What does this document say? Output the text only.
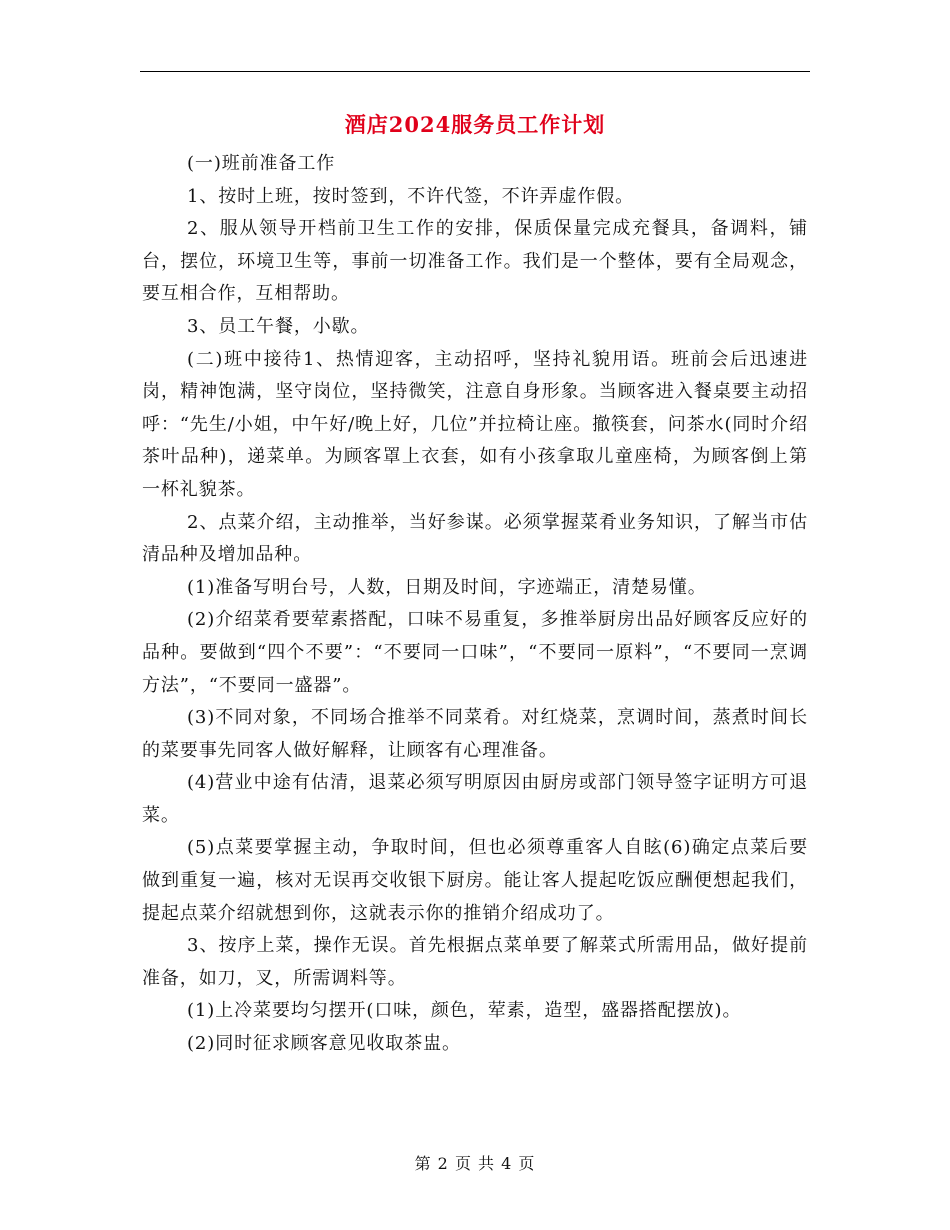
酒店2024服务员工作计划

(一)班前准备工作

1、按时上班，按时签到，不许代签，不许弄虚作假。

2、服从领导开档前卫生工作的安排，保质保量完成充餐具，备调料，铺台，摆位，环境卫生等，事前一切准备工作。我们是一个整体，要有全局观念，要互相合作，互相帮助。

3、员工午餐，小歇。

(二)班中接待1、热情迎客，主动招呼，坚持礼貌用语。班前会后迅速进岗，精神饱满，坚守岗位，坚持微笑，注意自身形象。当顾客进入餐桌要主动招呼：“先生/小姐，中午好/晚上好，几位”并拉椅让座。撤筷套，问茶水(同时介绍茶叶品种)，递菜单。为顾客罩上衣套，如有小孩拿取儿童座椅，为顾客倒上第一杯礼貌茶。

2、点菜介绍，主动推举，当好参谋。必须掌握菜肴业务知识，了解当市估清品种及增加品种。

(1)准备写明台号，人数，日期及时间，字迹端正，清楚易懂。

(2)介绍菜肴要荤素搭配，口味不易重复，多推举厨房出品好顾客反应好的品种。要做到“四个不要”：“不要同一口味”，“不要同一原料”，“不要同一烹调方法”，“不要同一盛器”。

(3)不同对象，不同场合推举不同菜肴。对红烧菜，烹调时间，蒸煮时间长的菜要事先同客人做好解释，让顾客有心理准备。

(4)营业中途有估清，退菜必须写明原因由厨房或部门领导签字证明方可退菜。

(5)点菜要掌握主动，争取时间，但也必须尊重客人自眩(6)确定点菜后要做到重复一遍，核对无误再交收银下厨房。能让客人提起吃饭应酬便想起我们，提起点菜介绍就想到你，这就表示你的推销介绍成功了。

3、按序上菜，操作无误。首先根据点菜单要了解菜式所需用品，做好提前准备，如刀，叉，所需调料等。

(1)上冷菜要均匀摆开(口味，颜色，荤素，造型，盛器搭配摆放)。

(2)同时征求顾客意见收取茶盅。

第 2 页 共 4 页
